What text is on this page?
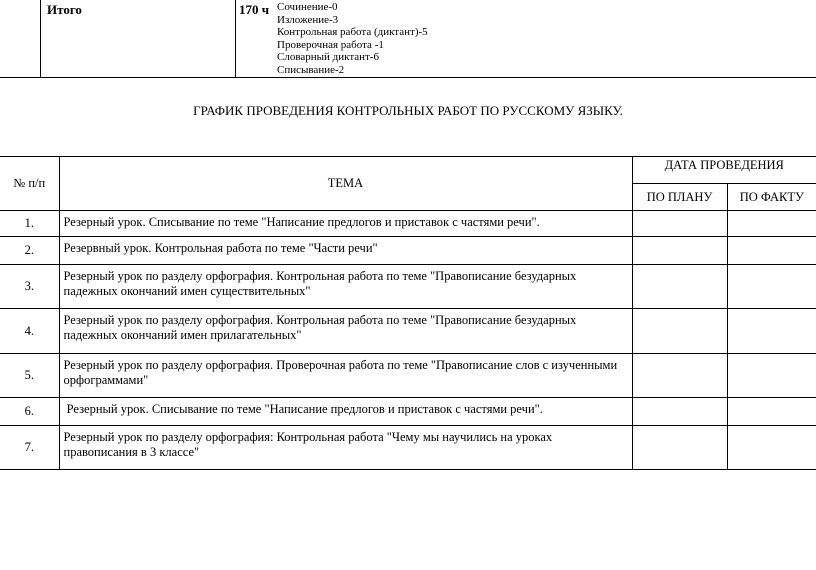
	Итого	170 ч	Сочинение-0
Изложение-3
Контрольная работа (диктант)-5
Проверочная работа -1
Словарный диктант-6
Списывание-2
ГРАФИК ПРОВЕДЕНИЯ КОНТРОЛЬНЫХ РАБОТ ПО РУССКОМУ ЯЗЫКУ.
№ п/п	ТЕМА	ДАТА ПРОВЕДЕНИЯ	
		ПО ПЛАНУ	ПО ФАКТУ
1.	Резерный урок. Списывание по теме "Написание предлогов и приставок с частями речи".		
2.	Резервный урок. Контрольная работа по теме "Части речи"		
3.	Резерный урок по разделу орфография. Контрольная работа по теме "Правописание безударных падежных окончаний имен существительных"		
4.	Резерный урок по разделу орфография. Контрольная работа по теме "Правописание безударных падежных окончаний имен прилагательных"		
5.	Резерный урок по разделу орфография. Проверочная работа по теме "Правописание слов с изученными орфограммами"		
6.	Резерный урок. Списывание по теме "Написание предлогов и приставок с частями речи".		
7.	Резерный урок по разделу орфография: Контрольная работа "Чему мы научились на уроках правописания в 3 классе"		
